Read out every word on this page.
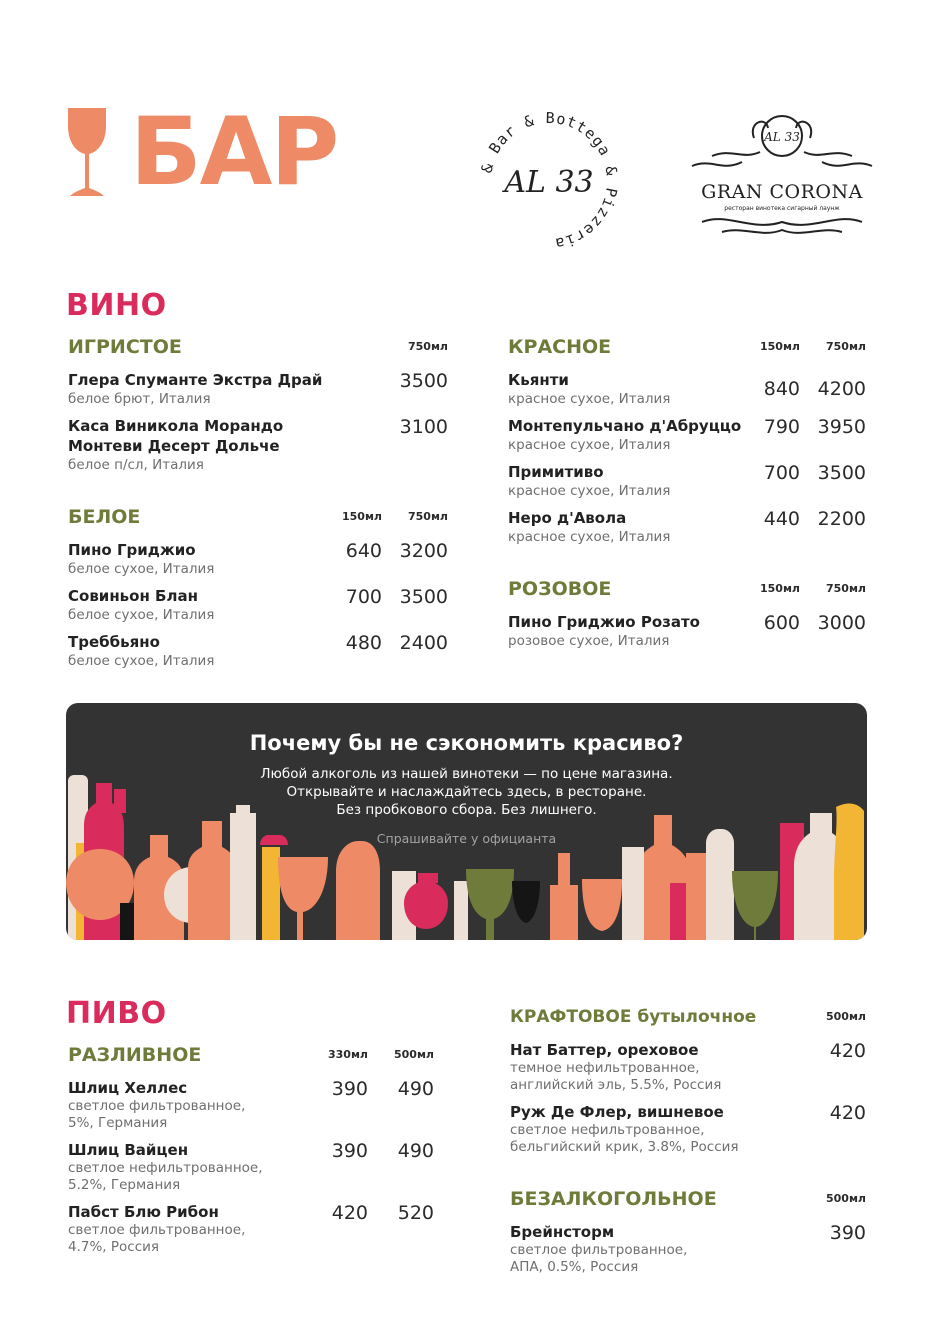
БАР	& Bar & Bottega & Pizzeria
AL 33
AL 33
GRAN CORONA
ресторан винотека сигарный лаунж
ВИНО
ИГРИСТОЕ	750мл
Глера Спуманте Экстра Драй
белое брют, Италия
3500
Каса Виникола Морандо
Монтеви Десерт Дольче
белое п/сл, Италия
3100
БЕЛОЕ	150мл	750мл
Пино Гриджио
белое сухое, Италия
640 3200
Совиньон Блан
белое сухое, Италия
700 3500
Треббьяно
белое сухое, Италия
480 2400
КРАСНОЕ	150мл	750мл
Кьянти
красное сухое, Италия	840 4200
Монтепульчано д'Абруццо
красное сухое, Италия
790 3950
Примитиво
красное сухое, Италия
700 3500
Неро д'Авола
красное сухое, Италия
440 2200
РОЗОВОЕ	150мл	750мл
Пино Гриджио Розато
розовое сухое, Италия
600 3000
Почему бы не сэкономить красиво?
Любой алкоголь из нашей винотеки — по цене магазина.
Открывайте и наслаждайтесь здесь, в ресторане.
Без пробкового сбора. Без лишнего.
Спрашивайте у официанта
ПИВО
РАЗЛИВНОЕ	330мл	500мл
Шлиц Хеллес
светлое фильтрованное,
5%, Германия
390	490
Шлиц Вайцен
светлое нефильтрованное,
5.2%, Германия
390	490
Пабст Блю Рибон
светлое фильтрованное,
4.7%, Россия
420	520
КРАФТОВОЕ бутылочное	500мл
Нат Баттер, ореховое
темное нефильтрованное,
английский эль, 5.5%, Россия
420
Руж Де Флер, вишневое
светлое нефильтрованное,
бельгийский крик, 3.8%, Россия
420
БЕЗАЛКОГОЛЬНОЕ	500мл
Брейнсторм
светлое фильтрованное,
АПА, 0.5%, Россия
390
